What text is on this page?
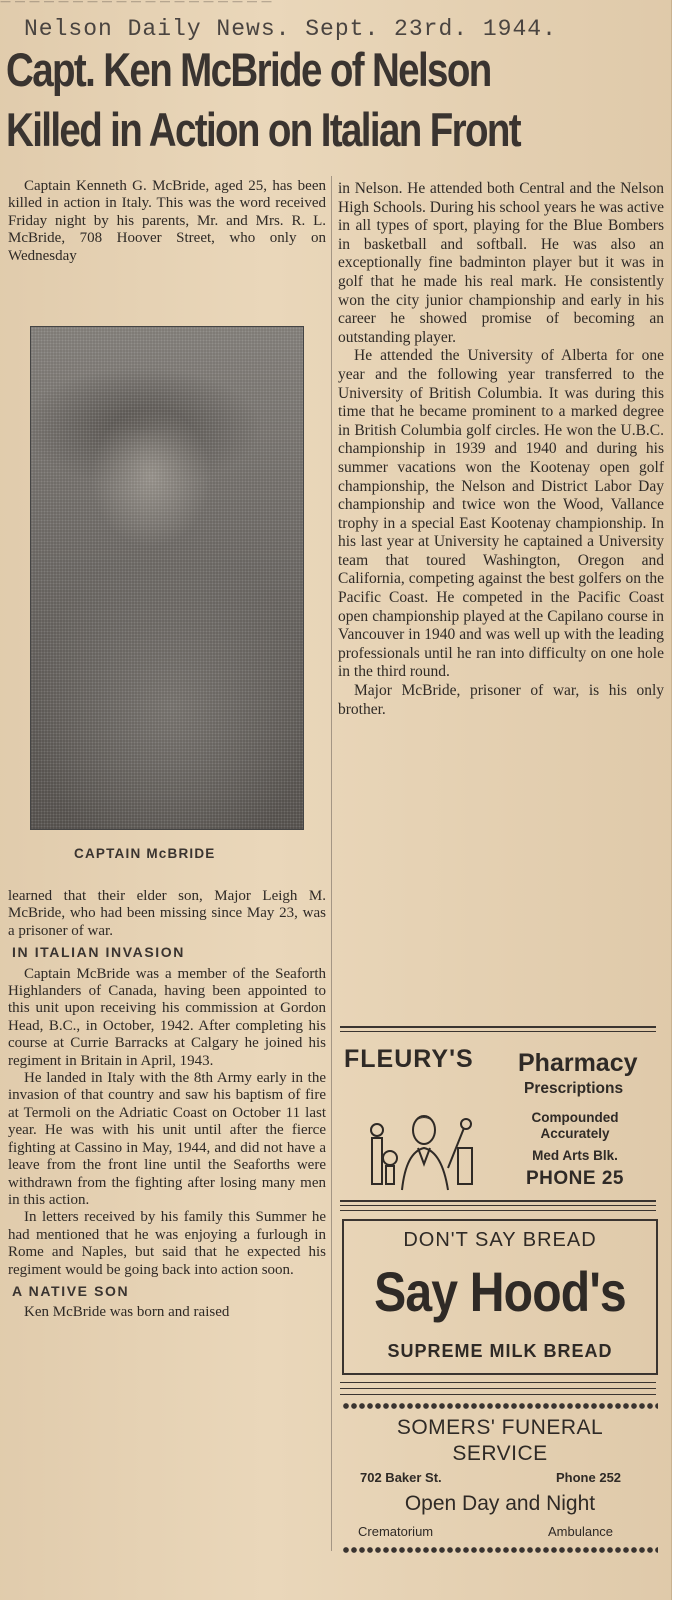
— — — — — — — — — — — — — — — — — — —
Nelson Daily News. Sept. 23rd. 1944.
Capt. Ken McBride of Nelson
Killed in Action on Italian Front

Captain Kenneth G. McBride, aged 25, has been killed in action in Italy. This was the word received Friday night by his parents, Mr. and Mrs. R. L. McBride, 708 Hoover Street, who only on Wednesday

CAPTAIN McBRIDE

learned that their elder son, Major Leigh M. McBride, who had been missing since May 23, was a prisoner of war.

IN ITALIAN INVASION

Captain McBride was a member of the Seaforth Highlanders of Canada, having been appointed to this unit upon receiving his commission at Gordon Head, B.C., in October, 1942. After completing his course at Currie Barracks at Calgary he joined his regiment in Britain in April, 1943.

He landed in Italy with the 8th Army early in the invasion of that country and saw his baptism of fire at Termoli on the Adriatic Coast on October 11 last year. He was with his unit until after the fierce fighting at Cassino in May, 1944, and did not have a leave from the front line until the Seaforths were withdrawn from the fighting after losing many men in this action.

In letters received by his family this Summer he had mentioned that he was enjoying a furlough in Rome and Naples, but said that he expected his regiment would be going back into action soon.

A NATIVE SON

Ken McBride was born and raised

in Nelson. He attended both Central and the Nelson High Schools. During his school years he was active in all types of sport, playing for the Blue Bombers in basketball and softball. He was also an exceptionally fine badminton player but it was in golf that he made his real mark. He consistently won the city junior championship and early in his career he showed promise of becoming an outstanding player.

He attended the University of Alberta for one year and the following year transferred to the University of British Columbia. It was during this time that he became prominent to a marked degree in British Columbia golf circles. He won the U.B.C. championship in 1939 and 1940 and during his summer vacations won the Kootenay open golf championship, the Nelson and District Labor Day championship and twice won the Wood, Vallance trophy in a special East Kootenay championship. In his last year at University he captained a University team that toured Washington, Oregon and California, competing against the best golfers on the Pacific Coast. He competed in the Pacific Coast open championship played at the Capilano course in Vancouver in 1940 and was well up with the leading professionals until he ran into difficulty on one hole in the third round.

Major McBride, prisoner of war, is his only brother.

FLEURY'S Pharmacy
Prescriptions
Compounded
Accurately
Med Arts Blk.
PHONE 25
DON'T SAY BREAD
Say Hood's
SUPREME MILK BREAD
SOMERS' FUNERAL
SERVICE
702 Baker St.	Phone 252
Open Day and Night
Crematorium	Ambulance
